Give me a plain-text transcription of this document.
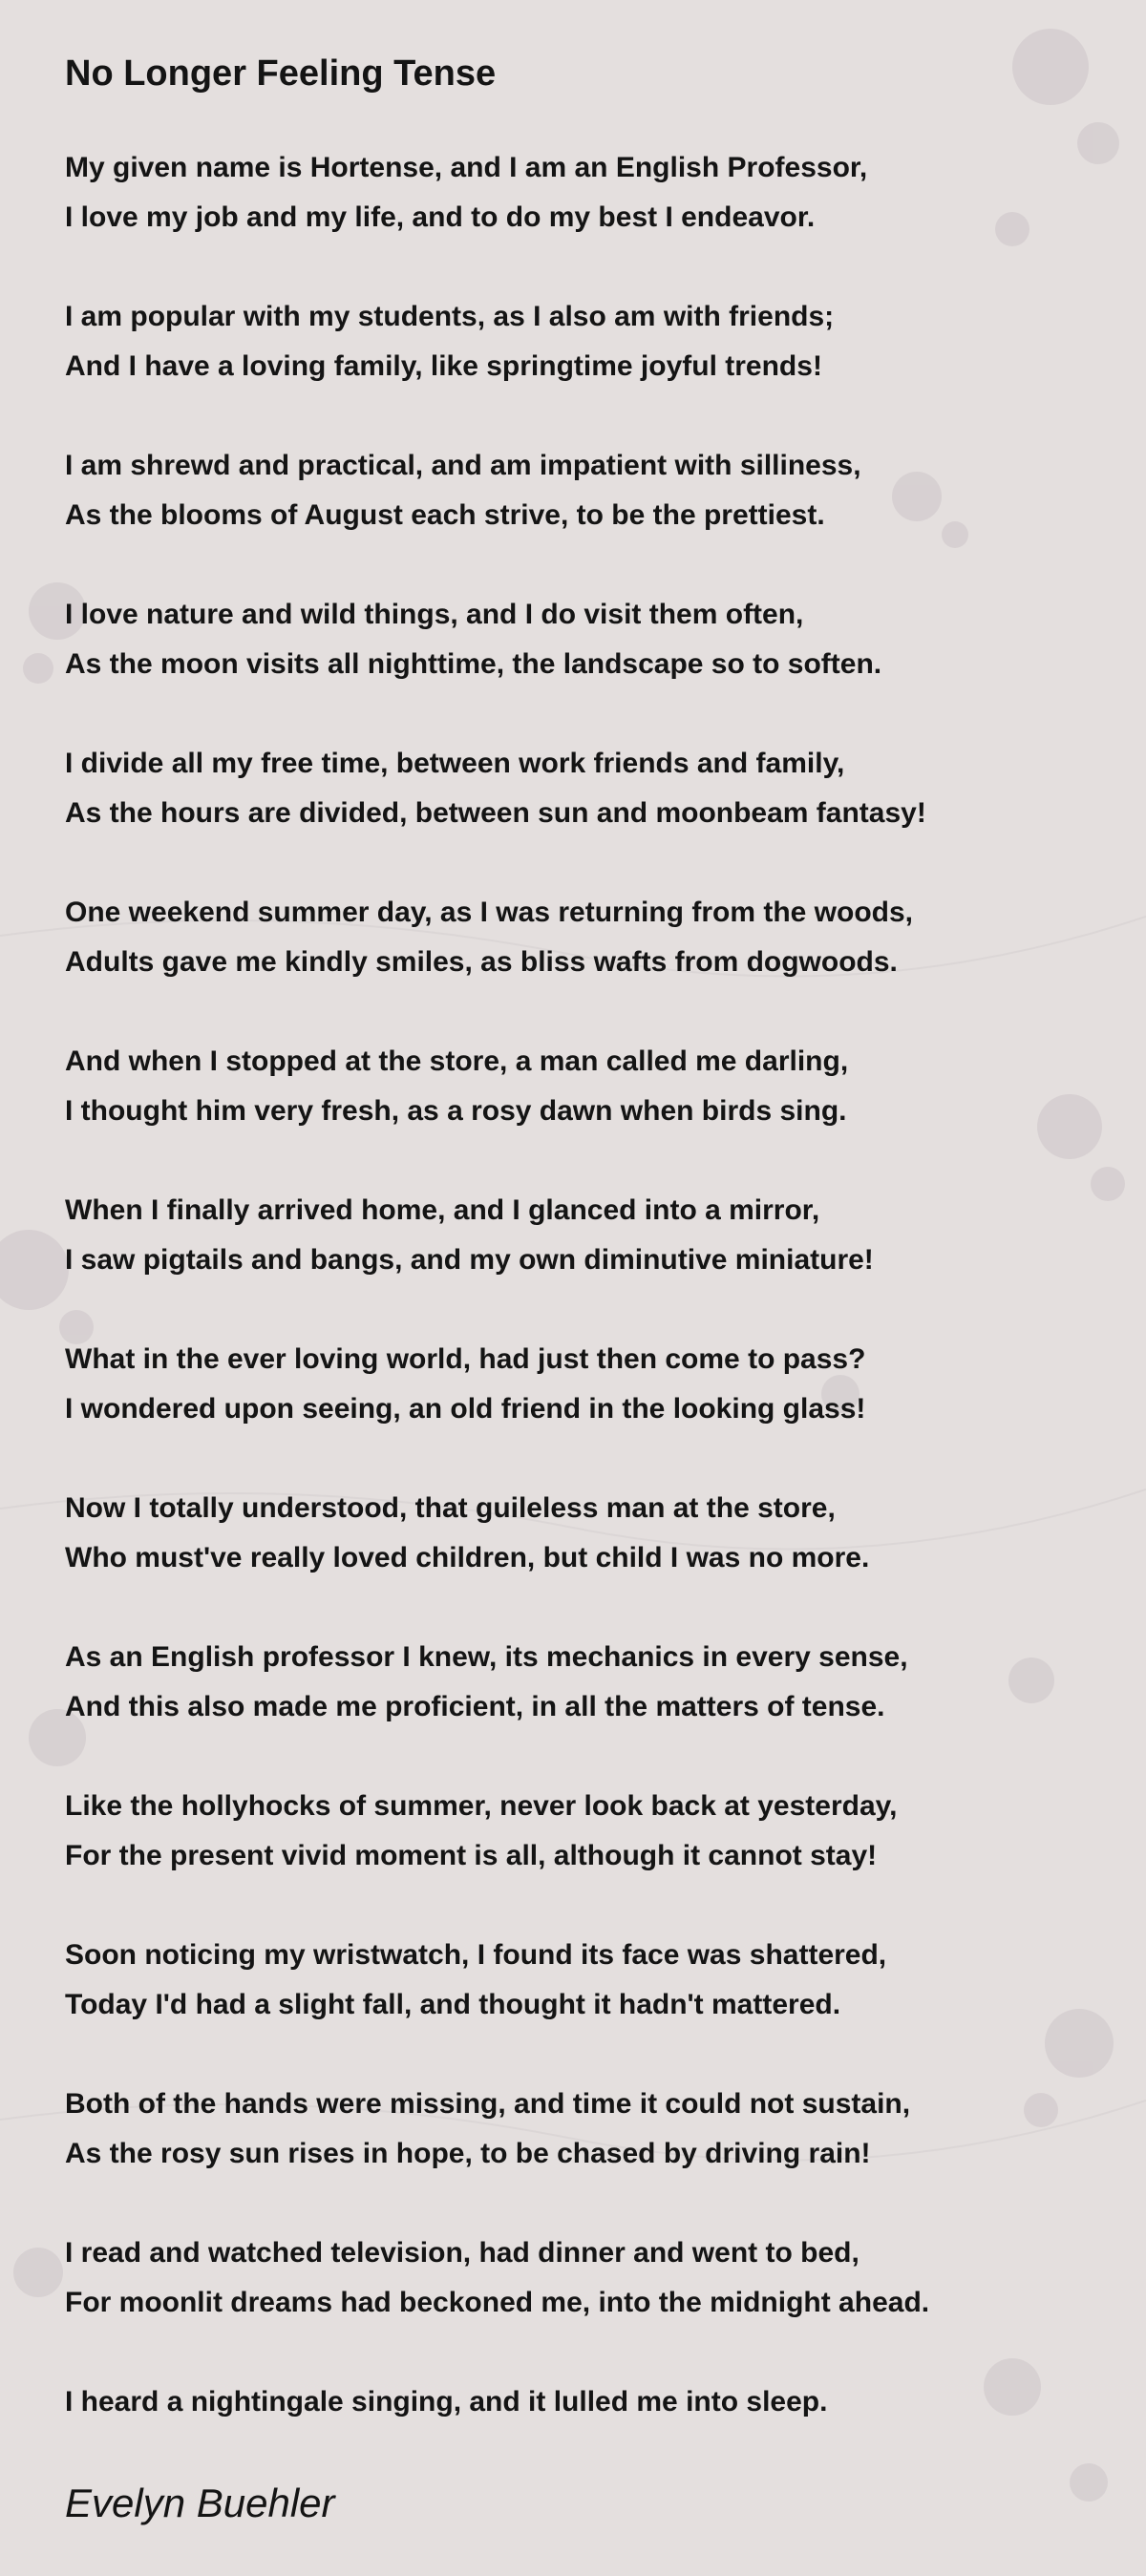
No Longer Feeling Tense
My given name is Hortense, and I am an English Professor,
I love my job and my life, and to do my best I endeavor.
I am popular with my students, as I also am with friends;
And I have a loving family, like springtime joyful trends!
I am shrewd and practical, and am impatient with silliness,
As the blooms of August each strive, to be the prettiest.
I love nature and wild things, and I do visit them often,
As the moon visits all nighttime, the landscape so to soften.
I divide all my free time, between work friends and family,
As the hours are divided, between sun and moonbeam fantasy!
One weekend summer day, as I was returning from the woods,
Adults gave me kindly smiles, as bliss wafts from dogwoods.
And when I stopped at the store, a man called me darling,
I thought him very fresh, as a rosy dawn when birds sing.
When I finally arrived home, and I glanced into a mirror,
I saw pigtails and bangs, and my own diminutive miniature!
What in the ever loving world, had just then come to pass?
I wondered upon seeing, an old friend in the looking glass!
Now I totally understood, that guileless man at the store,
Who must've really loved children, but child I was no more.
As an English professor I knew, its mechanics in every sense,
And this also made me proficient, in all the matters of tense.
Like the hollyhocks of summer, never look back at yesterday,
For the present vivid moment is all, although it cannot stay!
Soon noticing my wristwatch, I found its face was shattered,
Today I'd had a slight fall, and thought it hadn't mattered.
Both of the hands were missing, and time it could not sustain,
As the rosy sun rises in hope, to be chased by driving rain!
I read and watched television, had dinner and went to bed,
For moonlit dreams had beckoned me, into the midnight ahead.
I heard a nightingale singing, and it lulled me into sleep.

Evelyn Buehler
